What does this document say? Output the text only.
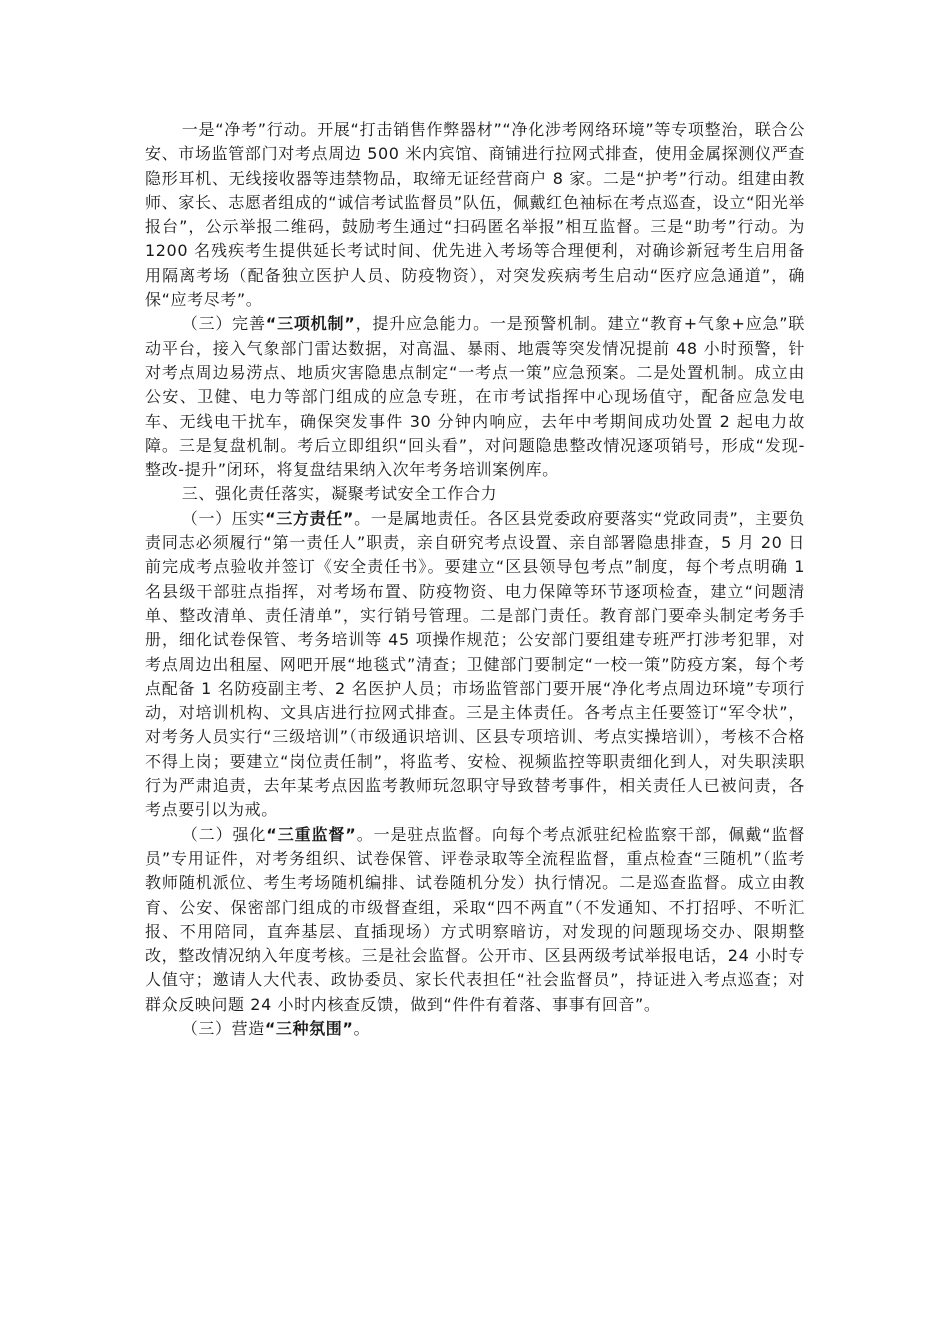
一是“净考”行动。开展“打击销售作弊器材”“净化涉考网络环境”等专项整治，联合公安、市场监管部门对考点周边 500 米内宾馆、商铺进行拉网式排查，使用金属探测仪严查隐形耳机、无线接收器等违禁物品，取缔无证经营商户 8 家。二是“护考”行动。组建由教师、家长、志愿者组成的“诚信考试监督员”队伍，佩戴红色袖标在考点巡查，设立“阳光举报台”，公示举报二维码，鼓励考生通过“扫码匿名举报”相互监督。三是“助考”行动。为 1200 名残疾考生提供延长考试时间、优先进入考场等合理便利，对确诊新冠考生启用备用隔离考场（配备独立医护人员、防疫物资），对突发疾病考生启动“医疗应急通道”，确保“应考尽考”。

（三）完善“三项机制”，提升应急能力。一是预警机制。建立“教育+气象+应急”联动平台，接入气象部门雷达数据，对高温、暴雨、地震等突发情况提前 48 小时预警，针对考点周边易涝点、地质灾害隐患点制定“一考点一策”应急预案。二是处置机制。成立由公安、卫健、电力等部门组成的应急专班，在市考试指挥中心现场值守，配备应急发电车、无线电干扰车，确保突发事件 30 分钟内响应，去年中考期间成功处置 2 起电力故障。三是复盘机制。考后立即组织“回头看”，对问题隐患整改情况逐项销号，形成“发现-整改-提升”闭环，将复盘结果纳入次年考务培训案例库。

三、强化责任落实，凝聚考试安全工作合力

（一）压实“三方责任”。一是属地责任。各区县党委政府要落实“党政同责”，主要负责同志必须履行“第一责任人”职责，亲自研究考点设置、亲自部署隐患排查，5 月 20 日前完成考点验收并签订《安全责任书》。要建立“区县领导包考点”制度，每个考点明确 1 名县级干部驻点指挥，对考场布置、防疫物资、电力保障等环节逐项检查，建立“问题清单、整改清单、责任清单”，实行销号管理。二是部门责任。教育部门要牵头制定考务手册，细化试卷保管、考务培训等 45 项操作规范；公安部门要组建专班严打涉考犯罪，对考点周边出租屋、网吧开展“地毯式”清查；卫健部门要制定“一校一策”防疫方案，每个考点配备 1 名防疫副主考、2 名医护人员；市场监管部门要开展“净化考点周边环境”专项行动，对培训机构、文具店进行拉网式排查。三是主体责任。各考点主任要签订“军令状”，对考务人员实行“三级培训”（市级通识培训、区县专项培训、考点实操培训），考核不合格不得上岗；要建立“岗位责任制”，将监考、安检、视频监控等职责细化到人，对失职渎职行为严肃追责，去年某考点因监考教师玩忽职守导致替考事件，相关责任人已被问责，各考点要引以为戒。

（二）强化“三重监督”。一是驻点监督。向每个考点派驻纪检监察干部，佩戴“监督员”专用证件，对考务组织、试卷保管、评卷录取等全流程监督，重点检查“三随机”（监考教师随机派位、考生考场随机编排、试卷随机分发）执行情况。二是巡查监督。成立由教育、公安、保密部门组成的市级督查组，采取“四不两直”（不发通知、不打招呼、不听汇报、不用陪同，直奔基层、直插现场）方式明察暗访，对发现的问题现场交办、限期整改，整改情况纳入年度考核。三是社会监督。公开市、区县两级考试举报电话，24 小时专人值守；邀请人大代表、政协委员、家长代表担任“社会监督员”，持证进入考点巡查；对群众反映问题 24 小时内核查反馈，做到“件件有着落、事事有回音”。

（三）营造“三种氛围”。
